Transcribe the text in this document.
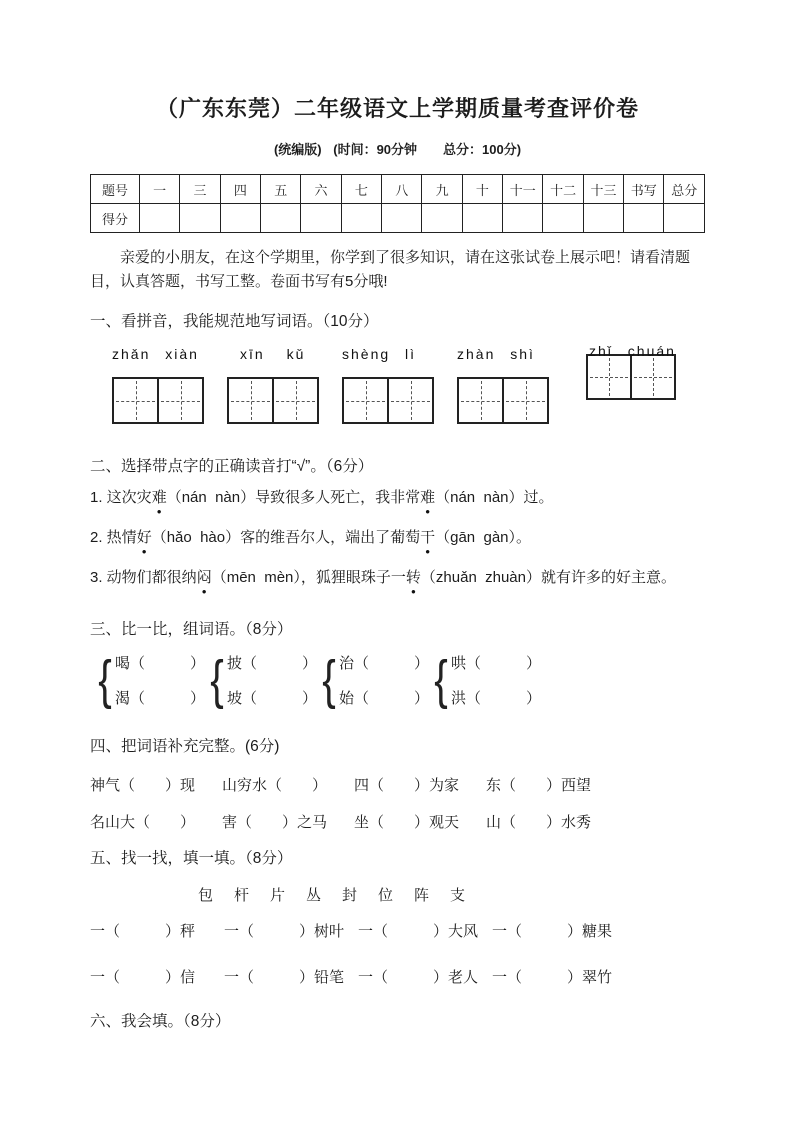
（广东东莞）二年级语文上学期质量考查评价卷
(统编版) (时间：90分钟　　总分：100分)
题号	一	三	四	五	六	七	八	九	十	十一	十二	十三	书写	总分
得分														

亲爱的小朋友，在这个学期里，你学到了很多知识，请在这张试卷上展示吧！请看清题目，认真答题，书写工整。卷面书写有5分哦!

一、看拼音，我能规范地写词语。（10分）
zhǎn xiàn	xīn kǔ	shèng lì	zhàn shì	zhǐ chuán
二、选择带点字的正确读音打“√”。（6分）

1. 这次灾难（nán  nàn）导致很多人死亡，我非常难（nán  nàn）过。

2. 热情好（hǎo  hào）客的维吾尔人，端出了葡萄干（gān  gàn）。

3. 动物们都很纳闷（mēn  mèn），狐狸眼珠子一转（zhuǎn  zhuàn）就有许多的好主意。

三、比一比，组词语。（8分）
{
喝（　　　）
渴（　　　）
{
披（　　　）
坡（　　　）
{
治（　　　）
始（　　　）
{
哄（　　　）
洪（　　　）
四、把词语补充完整。(6分)
神气（　　）现	山穷水（　　）	四（　　）为家	东（　　）西望
名山大（　　）	害（　　）之马	坐（　　）观天	山（　　）水秀
五、找一找，填一填。（8分）
包　杆　片　丛　封　位　阵　支
一（　　　）秤	一（　　　）树叶 一（　　　）大风 一（　　　）糖果
一（　　　）信	一（　　　）铅笔 一（　　　）老人 一（　　　）翠竹
六、我会填。（8分）
